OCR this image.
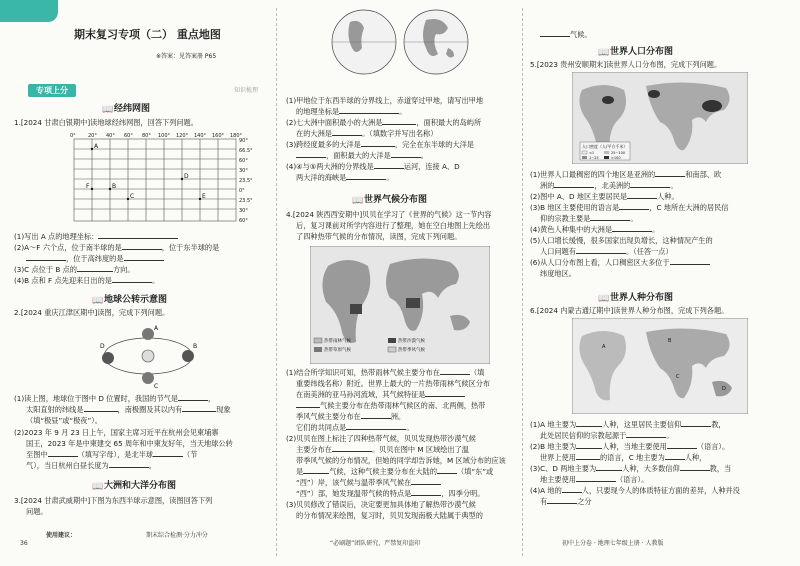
期末复习专项（二） 重点地图
※答案：见答案册 P65
专项上分	知识梳理
📖经纬网图
1.[2024 甘肃白银期中]读地球经纬网图，回答下列问题。
90°
66.5°
60°
30°
23.5°
0°
23.5°
30°
60°
0° 20° 40° 60° 80° 100° 120° 140° 160° 180°
A
B
C
D
E
F
(1)写出 A 点的地理坐标：
(2)A～F 六个点，位于南半球的是	，位于东半球的是
，位于高纬度的是
(3)C 点位于 B 点的	方向。
(4)B 点和 F 点先迎来日出的是	。
📖地球公转示意图
2.[2024 重庆江津区期中]读图，完成下列问题。
D	B
A
C
(1)读上图，地球位于图中 D 位置时，我国的节气是	，
太阳直射的纬线是	，南极圈及其以内有	现象
（填“极昼”或“极夜”）。
(2)2023 年 9 月 23 日上午，国家主席习近平在杭州会见柬埔寨
国王，2023 年是中柬建交 65 周年和中柬友好年，当天地球公转
至图中	（填写字母），是北半球	（节
气），当日杭州白昼长度为	。
📖大洲和大洋分布图
3.[2024 甘肃武威期中]下图为东西半球示意图，读图回答下列
问题。
36
使用建议：	期末综合检测·分力冲分
(1)甲地位于东西半球的分界线上，赤道穿过甲地，请写出甲地
的地理坐标是	。
(2)七大洲中面积最小的大洲是	，面积最大的岛屿所
在的大洲是	。（填数字并写出名称）
(3)跨经度最多的大洋是	，完全在东半球的大洋是
，面积最大的大洋是	。
(4)④与⑤两大洲的分界线是	运河，连接 A、D
两大洋的海峡是	。
📖世界气候分布图
4.[2024 陕西西安期中]贝贝在学习了《世界的气候》这一节内容
后，复习课前对所学内容进行了整理，她在空白地图上先绘出
了四种热带气候的分布情况，读图，完成下列问题。
热带雨林气候
热带草原气候
热带沙漠气候
热带季风气候
(1)结合所学知识可知，热带雨林气候主要分布在	（填
重要纬线名称）附近。世界上最大的一片热带雨林气候区分布
在南美洲的亚马孙河流域，其气候特征是
气候主要分布在热带雨林气候区的南、北两侧，热带
季风气候主要分布在	洲。
它们的共同点是	。
(2)贝贝在图上标注了四种热带气候，贝贝发现热带沙漠气候
主要分布在	。贝贝在图中 M 区域绘出了温
带季风气候的分布情况，但她的同学却告诉她，M 区域分布的应该
是	气候，这种气候主要分布在大陆的	（填“东”或
“西”）岸，该气候与温带季风气候在
“西”）部，她发现温带气候的特点是	，四季分明。
(3)贝贝修改了错误后，决定要更加具体地了解热带沙漠气候
的分布情况来绘图，复习时，贝贝发现南极大陆属于典型的
“必刷题”团队研究，严禁复印盗印
气候。
📖世界人口分布图
5.[2023 贵州安顺期末]读世界人口分布图，完成下列问题。
人口密度（人/平方千米）
<1
1~25
25~100
>100
(1)世界人口最稠密的四个地区是亚洲的	和南部、欧
洲的	，北美洲的	。
(2)图中 A、D 地区主要居民是	人种。
(3)B 地区主要使用的语言是	，C 地所在大洲的居民信
仰的宗教主要是	。
(4)黄色人种集中的大洲是	。
(5)人口增长缓慢，很多国家出现负增长，这种情况产生的
人口问题有	。（任答一点）
(6)从人口分布图上看，人口稠密区大多位于
纬度地区。
📖世界人种分布图
6.[2024 内蒙古通辽期中]读世界人种分布图，完成下列各题。
A
B
C
D
(1)A 地主要为	人种，这里居民主要信仰	教，
此处居民信仰的宗教起源于	。
(2)B 地主要为	人种，当地主要使用	（语言）。
世界上使用	的语言，C 地主要为	人种，
(3)C、D 两地主要为	人种，大多数信仰	教，当
地主要使用	（语言）。
(4)A 地的	人，只要现今人的体质特征方面的差异，人种并没
有	之分
初中上分卷 · 地理七年级上册 · 人教版
